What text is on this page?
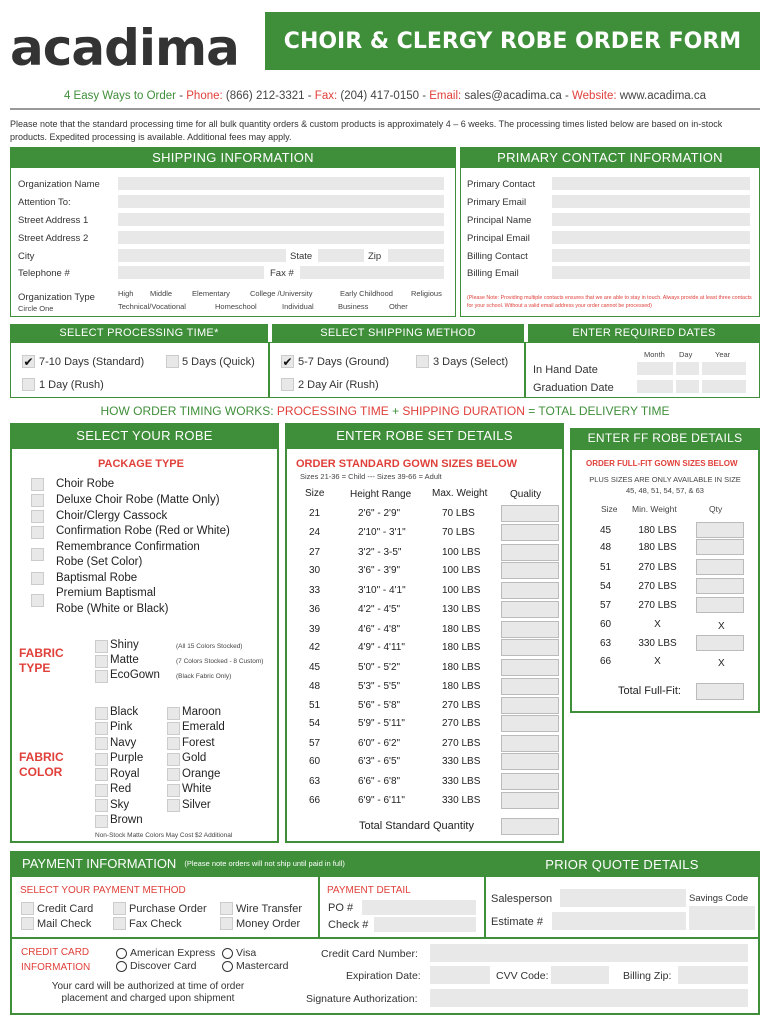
acadima	CHOIR & CLERGY ROBE ORDER FORM
4 Easy Ways to Order - Phone: (866) 212-3321 - Fax: (204) 417-0150 - Email: sales@acadima.ca - Website: www.acadima.ca
Please note that the standard processing time for all bulk quantity orders & custom products is approximately 4 – 6 weeks. The processing times listed below are based on in-stock products. Expedited processing is available. Additional fees may apply.
SHIPPING INFORMATION
Organization Name
Attention To:
Street Address 1
Street Address 2
City	State	Zip
Telephone #	Fax #
Organization Type
Circle One
High Middle	Elementary	College /University	Early Childhood Religious
Technical/Vocational	Homeschool	Individual	Business	Other
PRIMARY CONTACT INFORMATION
Primary Contact
Primary Email
Principal Name
Principal Email
Billing Contact
Billing Email
(Please Note: Providing multiple contacts ensures that we are able to stay in touch. Always provide at least three contacts for your school. Without a valid email address your order cannot be processed)
SELECT PROCESSING TIME*	SELECT SHIPPING METHOD	ENTER REQUIRED DATES
✔ 7-10 Days (Standard)	5 Days (Quick)
1 Day (Rush)
✔ 5-7 Days (Ground)	3 Days (Select)
2 Day Air (Rush)
Month Day	Year
In Hand Date
Graduation Date
HOW ORDER TIMING WORKS: PROCESSING TIME + SHIPPING DURATION = TOTAL DELIVERY TIME
SELECT YOUR ROBE
PACKAGE TYPE
Choir Robe
Deluxe Choir Robe (Matte Only)
Choir/Clergy Cassock
Confirmation Robe (Red or White)
Remembrance Confirmation
Robe (Set Color)
Baptismal Robe
Premium Baptismal
Robe (White or Black)
FABRIC TYPE
Shiny	(All 15 Colors Stocked)
Matte	(7 Colors Stocked - 8 Custom)
EcoGown (Black Fabric Only)
FABRIC COLOR
Black
Pink
Navy
Purple
Royal
Red
Sky
Brown
Maroon
Emerald
Forest
Gold
Orange
White
Silver
Non-Stock Matte Colors May Cost $2 Additional
ENTER ROBE SET DETAILS
ORDER STANDARD GOWN SIZES BELOW
Sizes 21-36 = Child --- Sizes 39-66 = Adult
Size	Height Range Max. Weight Quality
21	2'6" - 2'9"	70 LBS
24	2'10" - 3'1"	70 LBS
27	3'2" - 3-5"	100 LBS
30	3'6" - 3'9"	100 LBS
33	3'10" - 4'1"	100 LBS
36	4'2" - 4'5"	130 LBS
39	4'6" - 4'8"	180 LBS
42	4'9" - 4'11"	180 LBS
45	5'0" - 5'2"	180 LBS
48	5'3" - 5'5"	180 LBS
51	5'6" - 5'8"	270 LBS
54	5'9" - 5'11"	270 LBS
57	6'0" - 6'2"	270 LBS
60	6'3" - 6'5"	330 LBS
63	6'6" - 6'8"	330 LBS
66	6'9" - 6'11"	330 LBS
Total Standard Quantity
ENTER FF ROBE DETAILS
ORDER FULL-FIT GOWN SIZES BELOW
PLUS SIZES ARE ONLY AVAILABLE IN SIZE
45, 48, 51, 54, 57, & 63
Size Min. Weight	Qty
45	180 LBS
48	180 LBS
51	270 LBS
54	270 LBS
57	270 LBS
60	X	X
63	330 LBS
66	X	X
Total Full-Fit:
PAYMENT INFORMATION (Please note orders will not ship until paid in full)	PRIOR QUOTE DETAILS
SELECT YOUR PAYMENT METHOD
Credit Card	Purchase Order	Wire Transfer
Mail Check	Fax Check	Money Order
PAYMENT DETAIL
PO #
Check #
Salesperson
Estimate #
Savings Code
CREDIT CARD
INFORMATION
American Express Visa
Discover Card	Mastercard
Your card will be authorized at time of order
placement and charged upon shipment
Credit Card Number:
Expiration Date:	CVV Code:	Billing Zip:
Signature Authorization:
